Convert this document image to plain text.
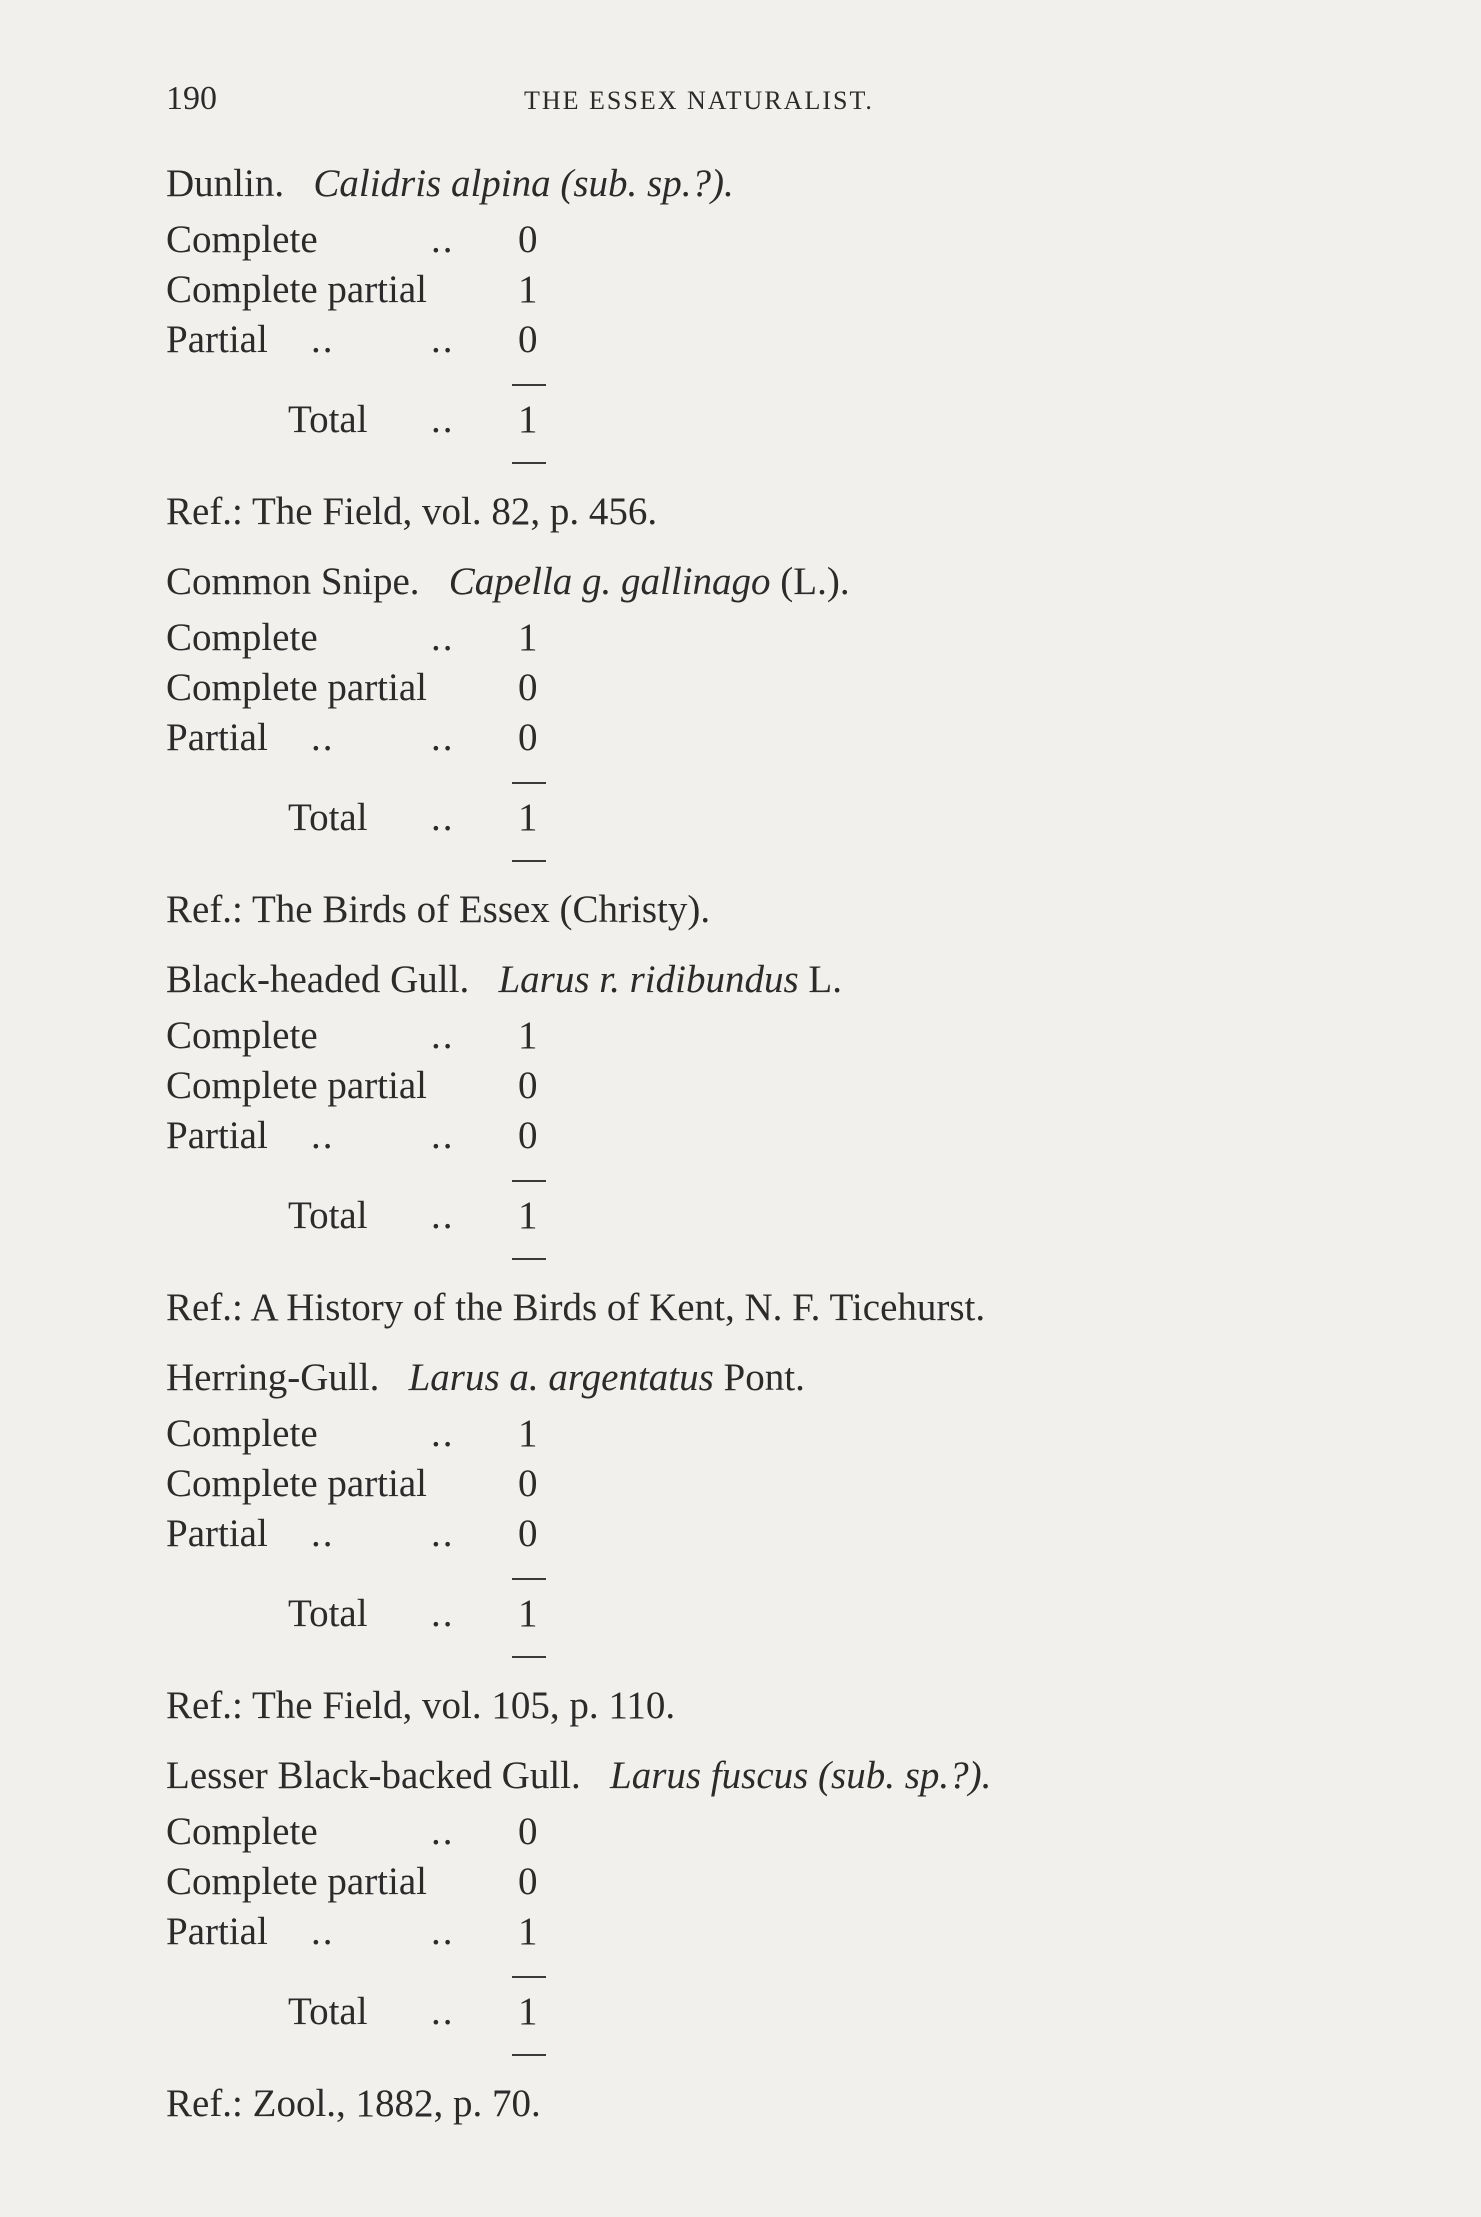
190	THE ESSEX NATURALIST.
Dunlin. Calidris alpina (sub. sp.?).
Complete	.. 0
Complete partial 1
Partial .. .. 0
Total .. 1
Ref.: The Field, vol. 82, p. 456.
Common Snipe. Capella g. gallinago (L.).
Complete	.. 1
Complete partial 0
Partial .. .. 0
Total .. 1
Ref.: The Birds of Essex (Christy).
Black-headed Gull. Larus r. ridibundus L.
Complete	.. 1
Complete partial 0
Partial .. .. 0
Total .. 1
Ref.: A History of the Birds of Kent, N. F. Ticehurst.
Herring-Gull. Larus a. argentatus Pont.
Complete	.. 1
Complete partial 0
Partial .. .. 0
Total .. 1
Ref.: The Field, vol. 105, p. 110.
Lesser Black-backed Gull. Larus fuscus (sub. sp.?).
Complete	.. 0
Complete partial 0
Partial .. .. 1
Total .. 1
Ref.: Zool., 1882, p. 70.
